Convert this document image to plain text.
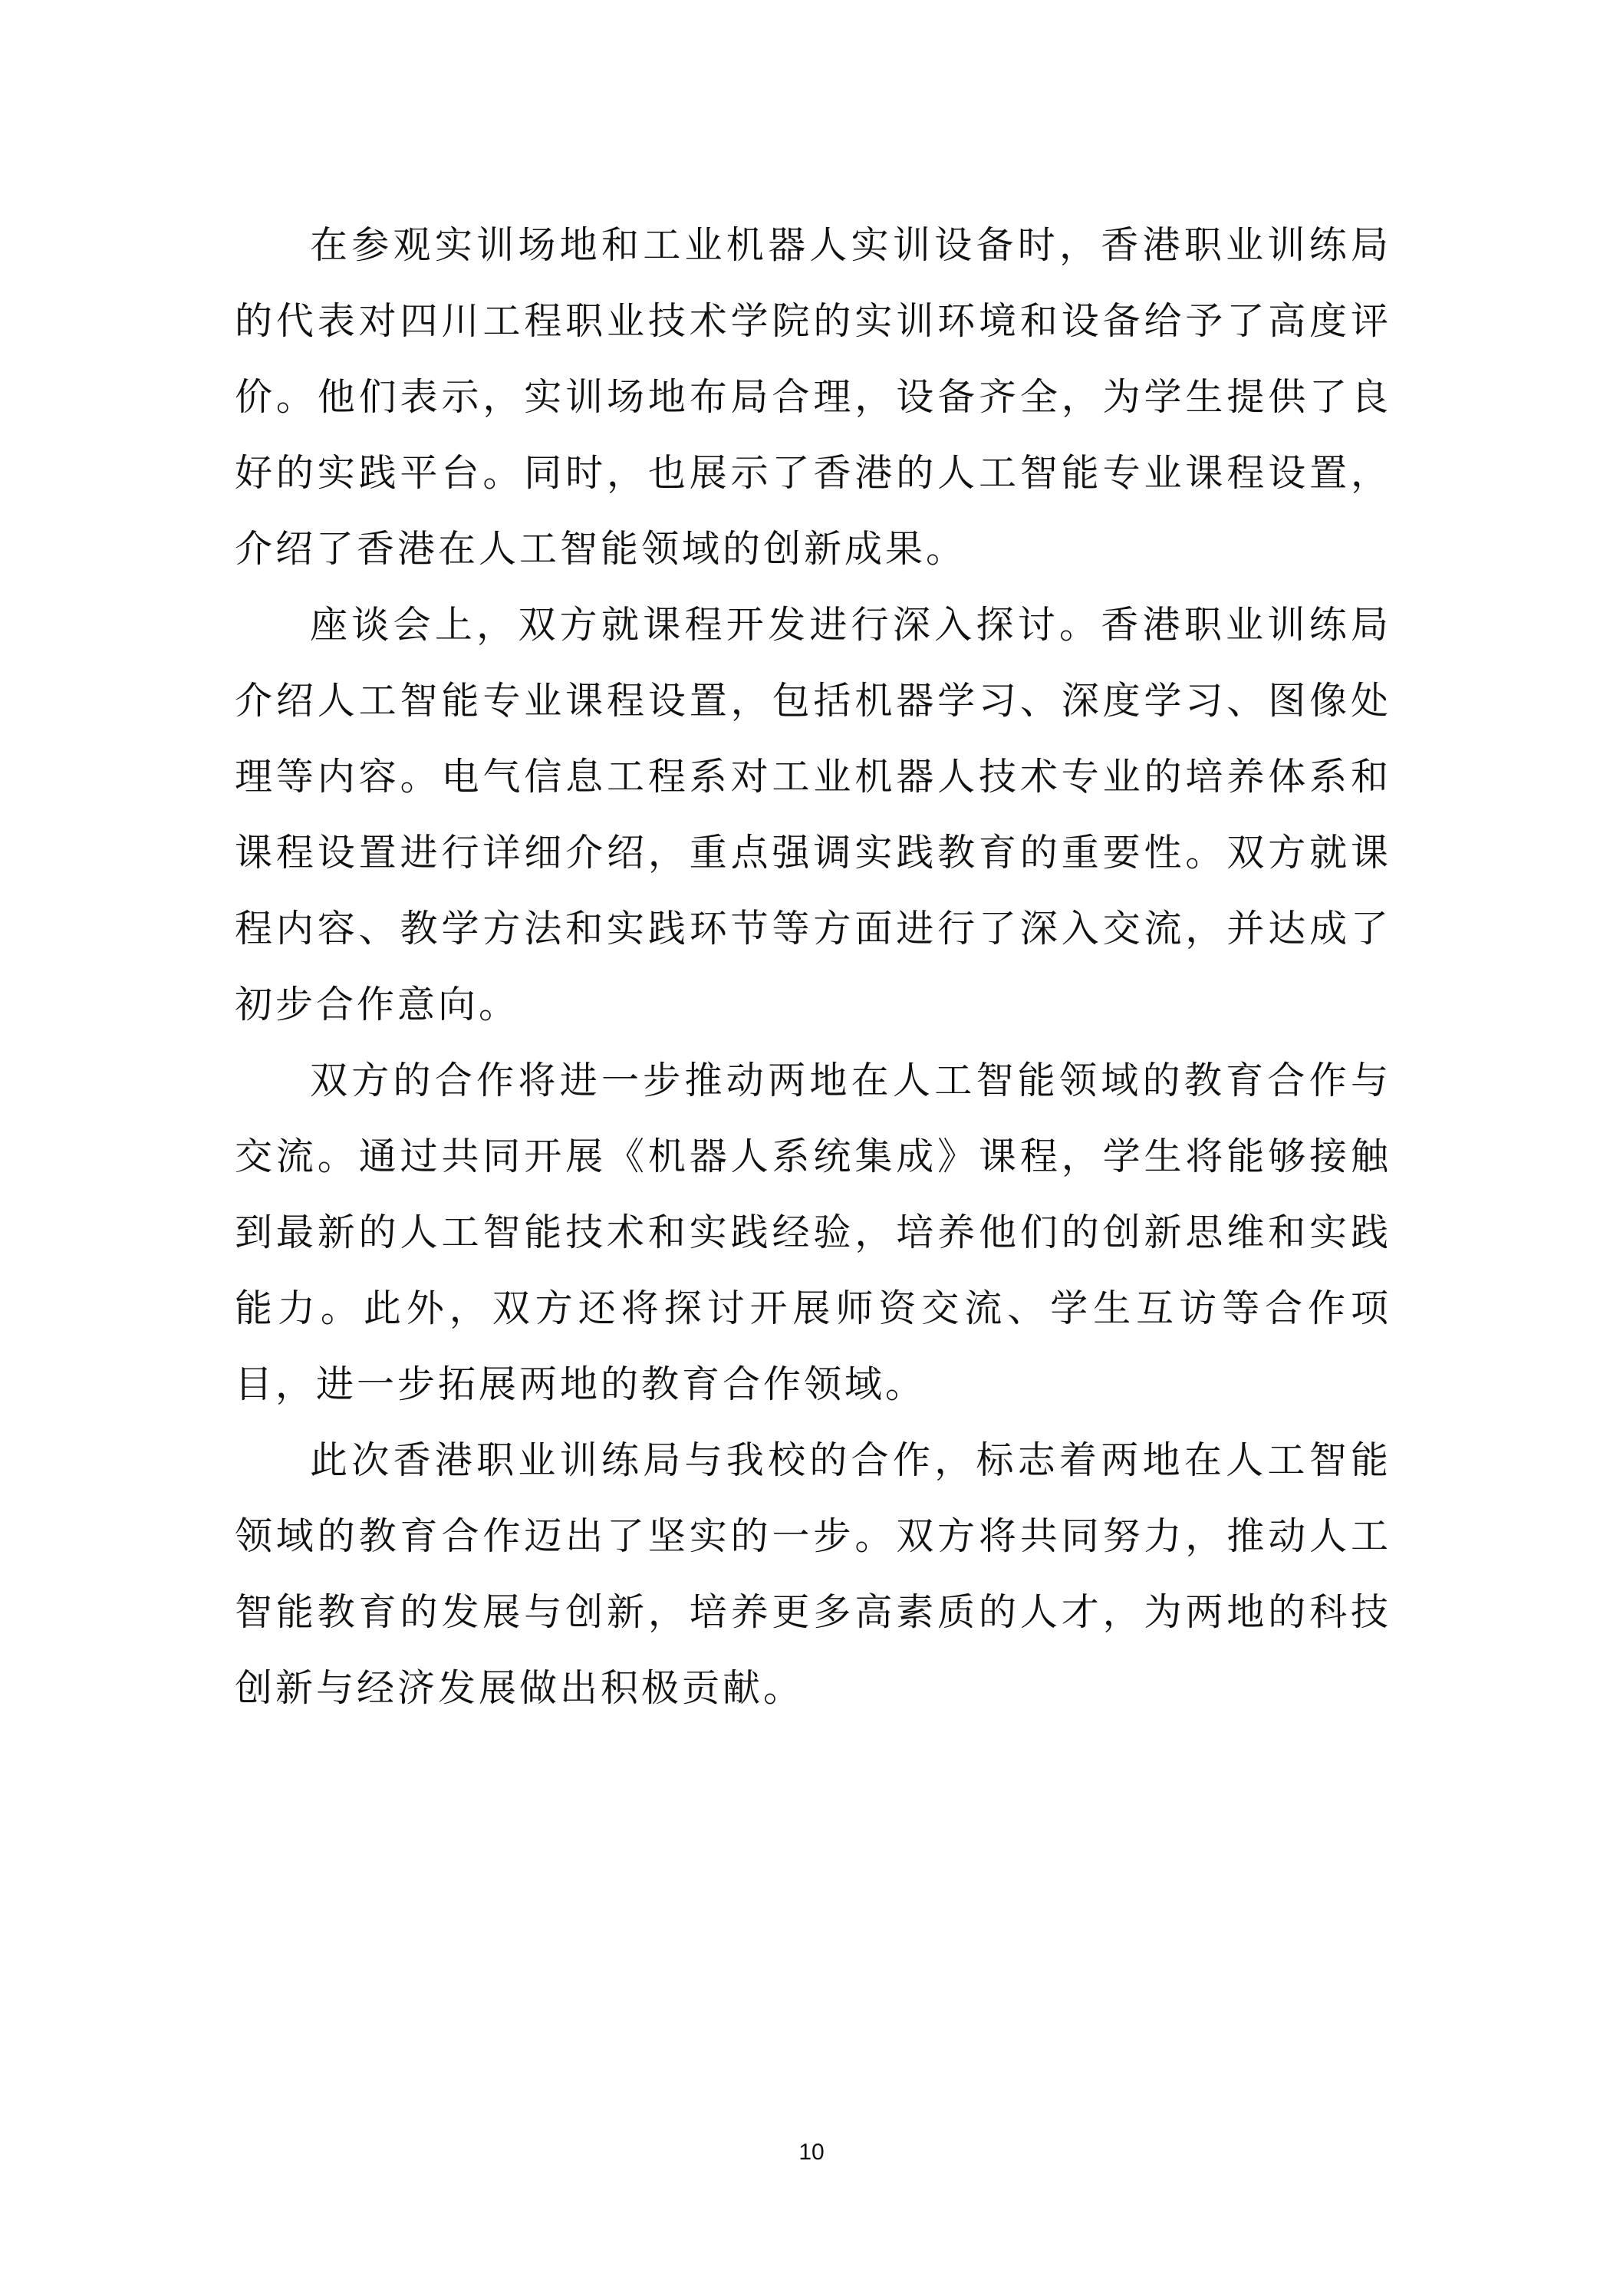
在参观实训场地和工业机器人实训设备时，香港职业训练局的代表对四川工程职业技术学院的实训环境和设备给予了高度评价。他们表示，实训场地布局合理，设备齐全，为学生提供了良好的实践平台。同时，也展示了香港的人工智能专业课程设置，介绍了香港在人工智能领域的创新成果。

座谈会上，双方就课程开发进行深入探讨。香港职业训练局介绍人工智能专业课程设置，包括机器学习、深度学习、图像处理等内容。电气信息工程系对工业机器人技术专业的培养体系和课程设置进行详细介绍，重点强调实践教育的重要性。双方就课程内容、教学方法和实践环节等方面进行了深入交流，并达成了初步合作意向。

双方的合作将进一步推动两地在人工智能领域的教育合作与交流。通过共同开展《机器人系统集成》课程，学生将能够接触到最新的人工智能技术和实践经验，培养他们的创新思维和实践能力。此外，双方还将探讨开展师资交流、学生互访等合作项目，进一步拓展两地的教育合作领域。

此次香港职业训练局与我校的合作，标志着两地在人工智能领域的教育合作迈出了坚实的一步。双方将共同努力，推动人工智能教育的发展与创新，培养更多高素质的人才，为两地的科技创新与经济发展做出积极贡献。

10
